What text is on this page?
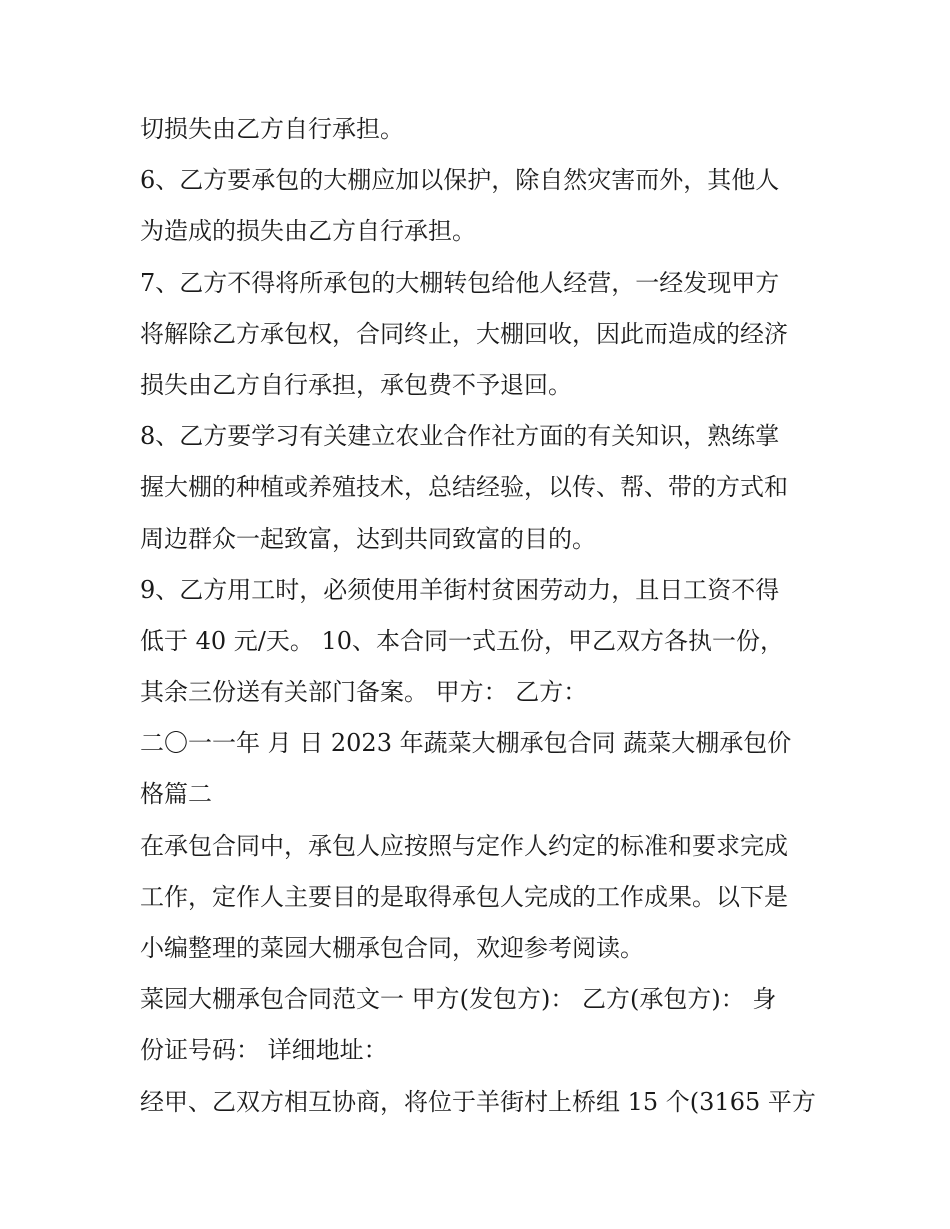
切损失由乙方自行承担。
6、乙方要承包的大棚应加以保护，除自然灾害而外，其他人
为造成的损失由乙方自行承担。
7、乙方不得将所承包的大棚转包给他人经营，一经发现甲方
将解除乙方承包权，合同终止，大棚回收，因此而造成的经济
损失由乙方自行承担，承包费不予退回。
8、乙方要学习有关建立农业合作社方面的有关知识，熟练掌
握大棚的种植或养殖技术，总结经验，以传、帮、带的方式和
周边群众一起致富，达到共同致富的目的。
9、乙方用工时，必须使用羊街村贫困劳动力，且日工资不得
低于 40 元/天。 10、本合同一式五份，甲乙双方各执一份，
其余三份送有关部门备案。 甲方： 乙方：
二〇一一年 月 日 2023 年蔬菜大棚承包合同 蔬菜大棚承包价
格篇二
在承包合同中，承包人应按照与定作人约定的标准和要求完成
工作，定作人主要目的是取得承包人完成的工作成果。以下是
小编整理的菜园大棚承包合同，欢迎参考阅读。
菜园大棚承包合同范文一 甲方(发包方)： 乙方(承包方)： 身
份证号码： 详细地址：
经甲、乙双方相互协商，将位于羊街村上桥组 15 个(3165 平方
